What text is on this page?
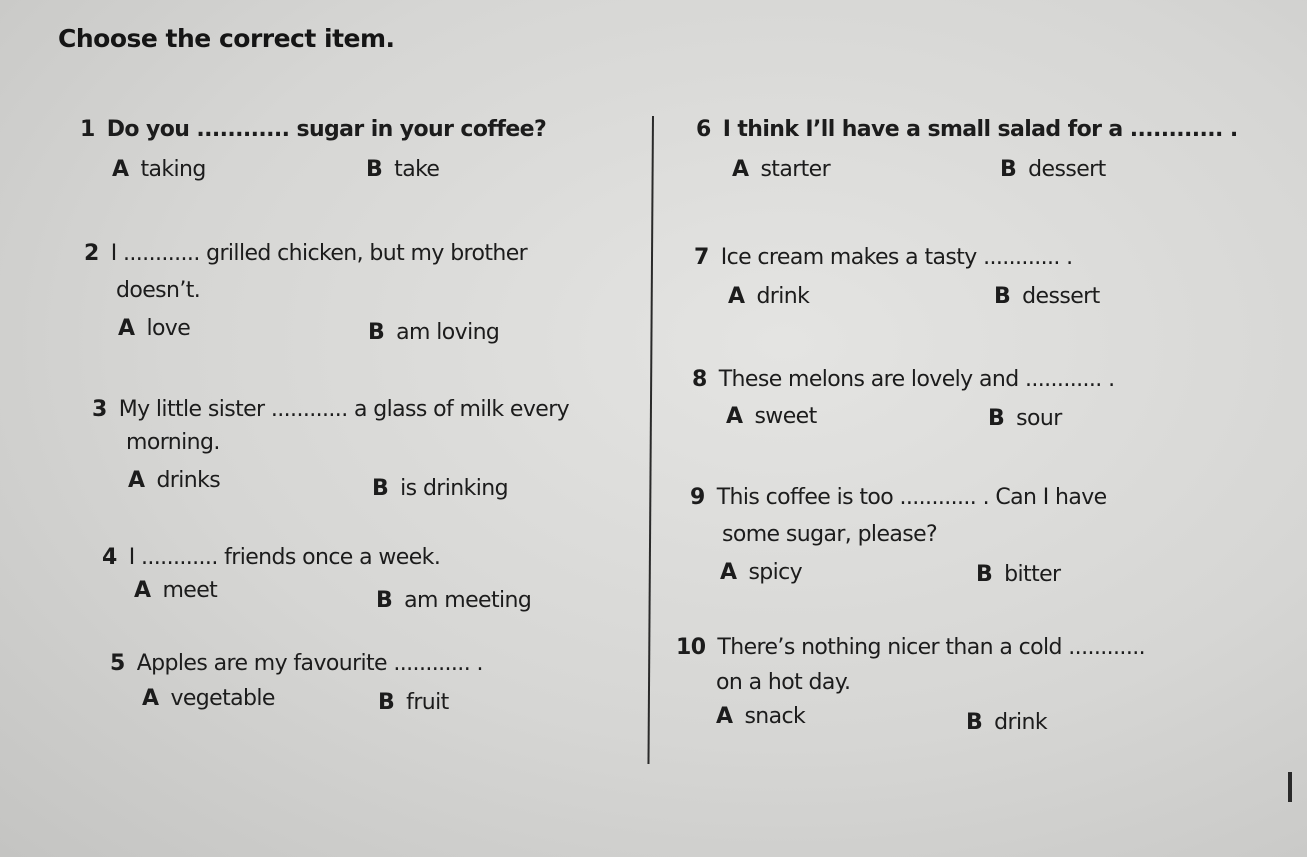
Choose the correct item.
1 Do you ............ sugar in your coffee?
A taking	B take
2 I ............ grilled chicken, but my brother
doesn’t.
A love	B am loving
3 My little sister ............ a glass of milk every
morning.
A drinks	B is drinking
4 I ............ friends once a week.
A meet	B am meeting
5 Apples are my favourite ............ .
A vegetable	B fruit
6 I think I’ll have a small salad for a ............ .
A starter	B dessert
7 Ice cream makes a tasty ............ .
A drink	B dessert
8 These melons are lovely and ............ .
A sweet	B sour
9 This coffee is too ............ . Can I have
some sugar, please?
A spicy	B bitter
10 There’s nothing nicer than a cold ............
on a hot day.
A snack	B drink
